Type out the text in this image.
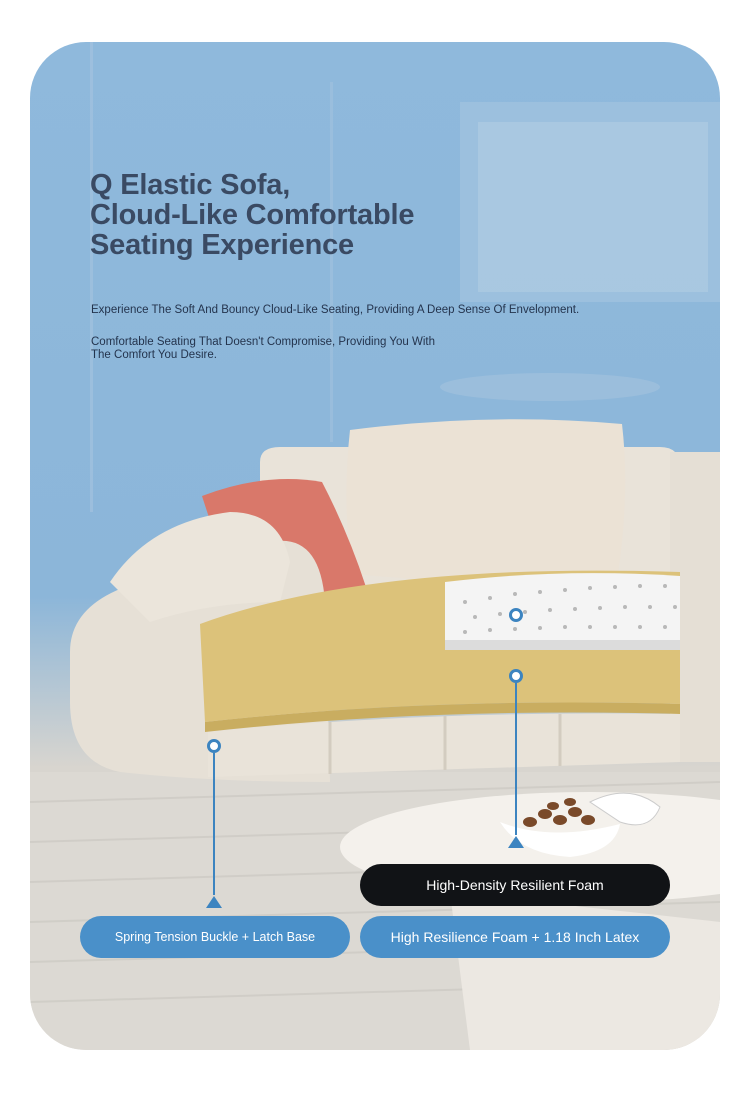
Q Elastic Sofa,
Cloud-Like Comfortable
Seating Experience

Experience The Soft And Bouncy Cloud-Like Seating, Providing A Deep Sense Of Envelopment.

Comfortable Seating That Doesn't Compromise, Providing You With The Comfort You Desire.

High-Density Resilient Foam
Spring Tension Buckle + Latch Base	High Resilience Foam + 1.18 Inch Latex
